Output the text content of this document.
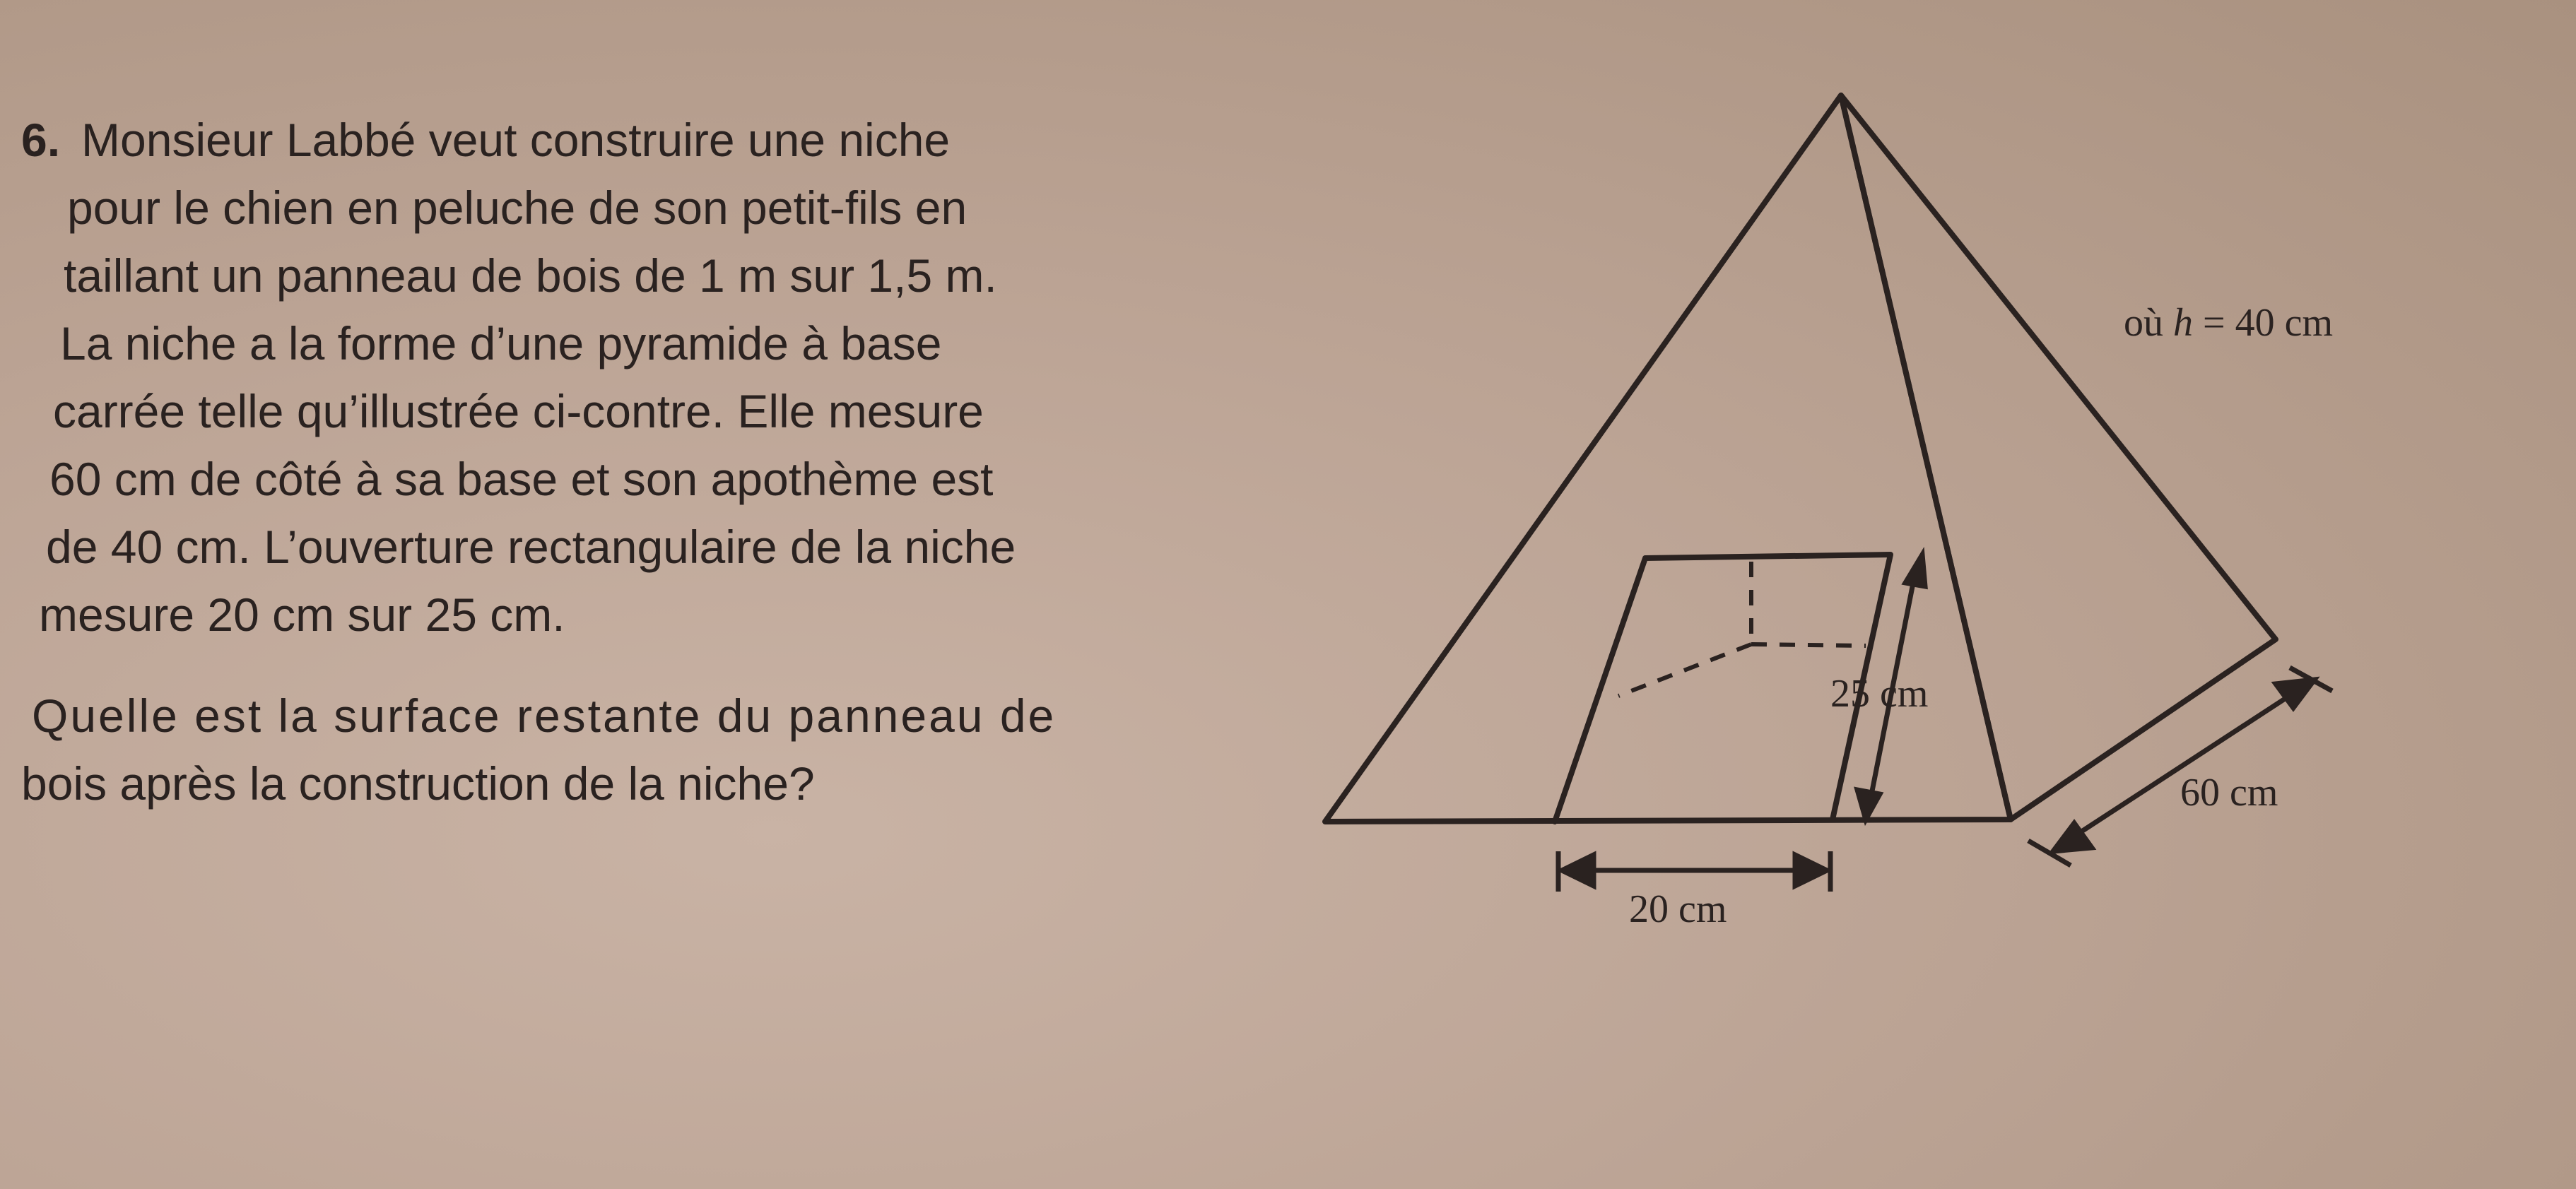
6. Monsieur Labbé veut construire une niche
pour le chien en peluche de son petit-fils en
taillant un panneau de bois de 1 m sur 1,5 m.
La niche a la forme d’une pyramide à base
carrée telle qu’illustrée ci-contre. Elle mesure
60 cm de côté à sa base et son apothème est
de 40 cm. L’ouverture rectangulaire de la niche
mesure 20 cm sur 25 cm.
Quelle est la surface restante du panneau de
bois après la construction de la niche?
où h = 40 cm
25 cm
20 cm
60 cm
